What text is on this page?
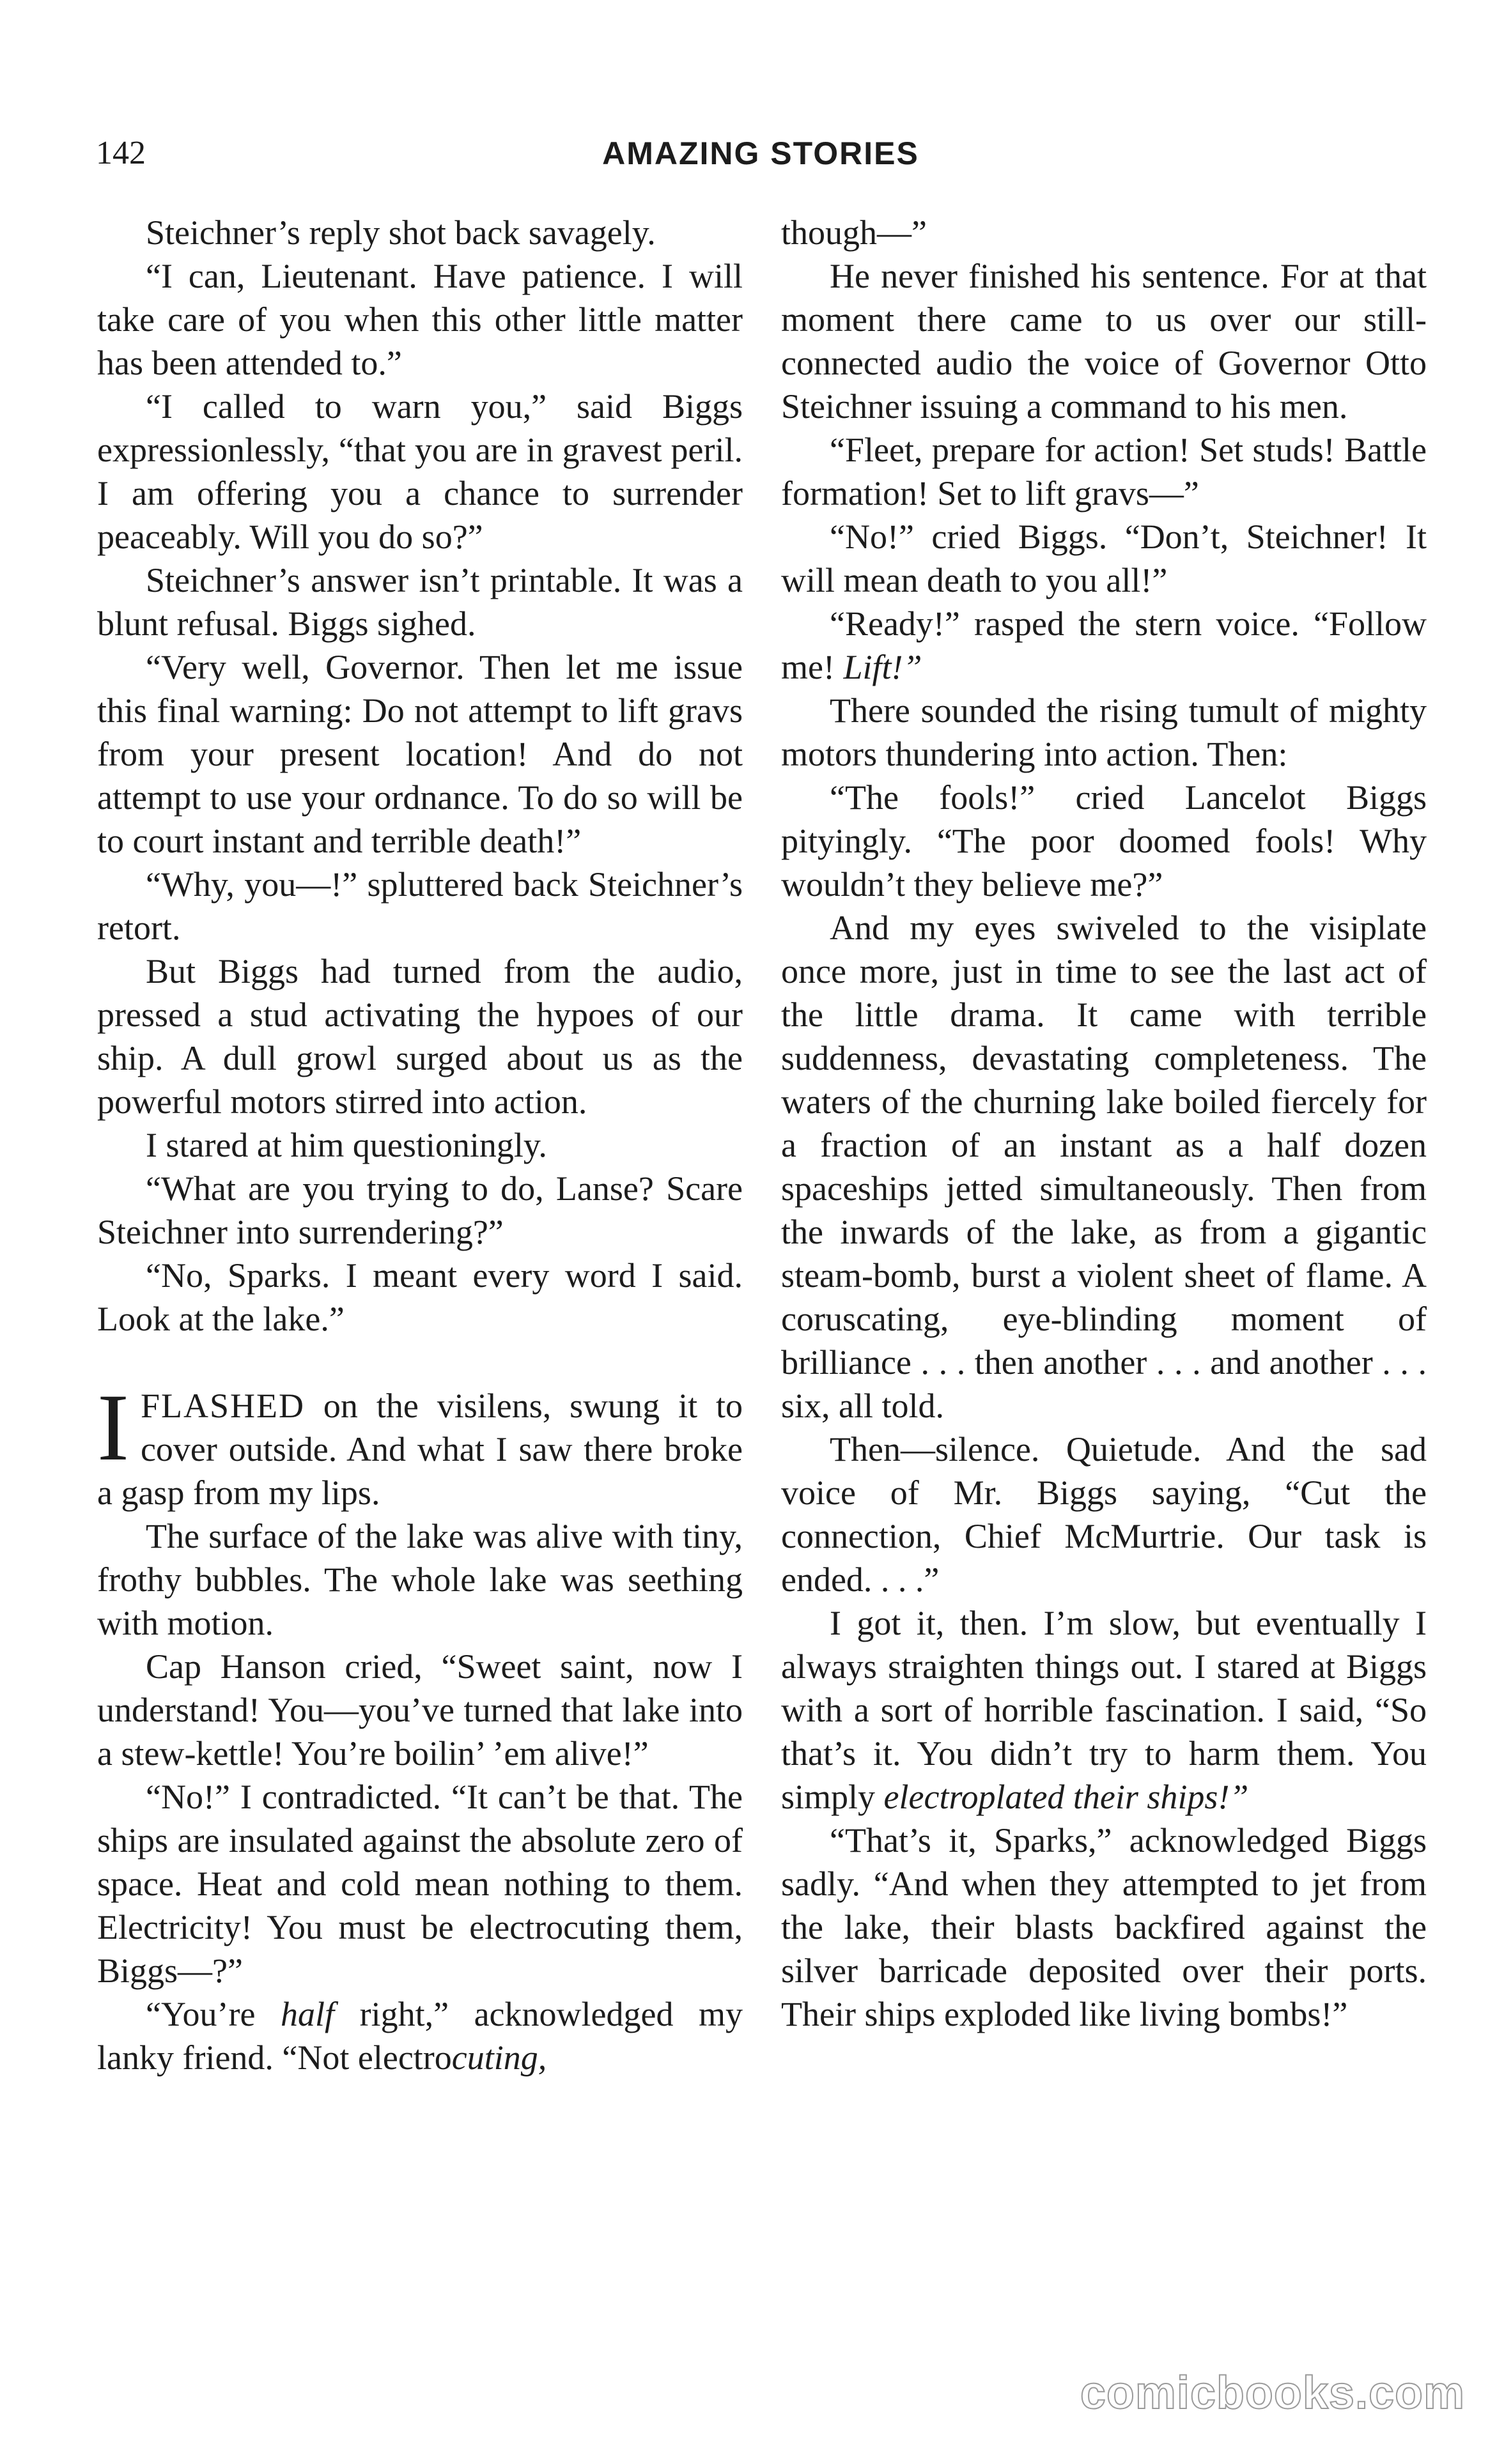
142	AMAZING STORIES

Steichner’s reply shot back savagely.

“I can, Lieutenant. Have patience. I will take care of you when this other little matter has been attended to.”

“I called to warn you,” said Biggs expressionlessly, “that you are in gravest peril. I am offering you a chance to surrender peaceably. Will you do so?”

Steichner’s answer isn’t printable. It was a blunt refusal. Biggs sighed.

“Very well, Governor. Then let me issue this final warning: Do not attempt to lift gravs from your present location! And do not attempt to use your ordnance. To do so will be to court instant and terrible death!”

“Why, you—!” spluttered back Steichner’s retort.

But Biggs had turned from the audio, pressed a stud activating the hypoes of our ship. A dull growl surged about us as the powerful motors stirred into action.

I stared at him questioningly.

“What are you trying to do, Lanse? Scare Steichner into surrendering?”

“No, Sparks. I meant every word I said. Look at the lake.”

IFLASHED on the visilens, swung it to cover outside. And what I saw there broke a gasp from my lips.

The surface of the lake was alive with tiny, frothy bubbles. The whole lake was seething with motion.

Cap Hanson cried, “Sweet saint, now I understand! You—you’ve turned that lake into a stew-kettle! You’re boilin’ ’em alive!”

“No!” I contradicted. “It can’t be that. The ships are insulated against the absolute zero of space. Heat and cold mean nothing to them. Electricity! You must be electrocuting them, Biggs—?”

“You’re half right,” acknowledged my lanky friend. “Not electrocuting,

though—”

He never finished his sentence. For at that moment there came to us over our still-connected audio the voice of Governor Otto Steichner issuing a command to his men.

“Fleet, prepare for action! Set studs! Battle formation! Set to lift gravs—”

“No!” cried Biggs. “Don’t, Steichner! It will mean death to you all!”

“Ready!” rasped the stern voice. “Follow me! Lift!”

There sounded the rising tumult of mighty motors thundering into action. Then:

“The fools!” cried Lancelot Biggs pityingly. “The poor doomed fools! Why wouldn’t they believe me?”

And my eyes swiveled to the visiplate once more, just in time to see the last act of the little drama. It came with terrible suddenness, devastating completeness. The waters of the churning lake boiled fiercely for a fraction of an instant as a half dozen spaceships jetted simultaneously. Then from the inwards of the lake, as from a gigantic steam-bomb, burst a violent sheet of flame. A coruscating, eye-blinding moment of brilliance . . . then another . . . and another . . . six, all told.

Then—silence. Quietude. And the sad voice of Mr. Biggs saying, “Cut the connection, Chief McMurtrie. Our task is ended. . . .”

I got it, then. I’m slow, but eventually I always straighten things out. I stared at Biggs with a sort of horrible fascination. I said, “So that’s it. You didn’t try to harm them. You simply electroplated their ships!”

“That’s it, Sparks,” acknowledged Biggs sadly. “And when they attempted to jet from the lake, their blasts backfired against the silver barricade deposited over their ports. Their ships exploded like living bombs!”

comicbooks.com
